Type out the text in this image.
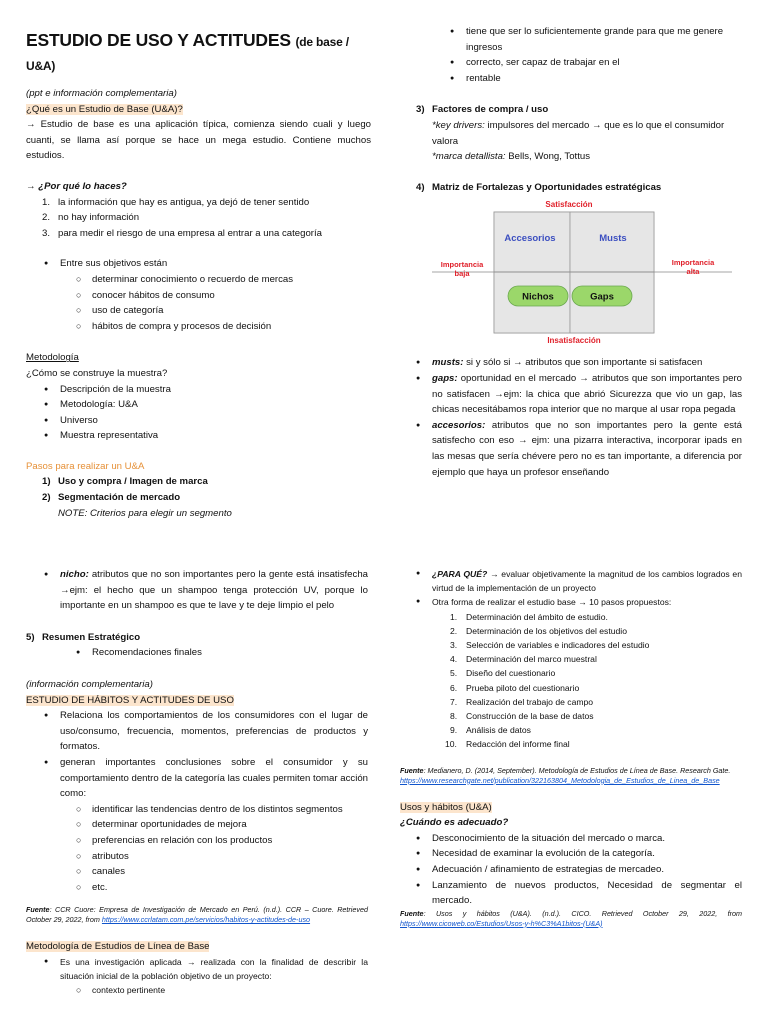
ESTUDIO DE USO Y ACTITUDES (de base / U&A)
(ppt e información complementaria)
¿Qué es un Estudio de Base (U&A)?
→ Estudio de base es una aplicación típica, comienza siendo cuali y luego cuanti, se llama así porque se hace un mega estudio. Contiene muchos estudios.
→ ¿Por qué lo haces?
1. la información que hay es antigua, ya dejó de tener sentido
2. no hay información
3. para medir el riesgo de una empresa al entrar a una categoría
● Entre sus objetivos están
○ determinar conocimiento o recuerdo de mercas
○ conocer hábitos de consumo
○ uso de categoría
○ hábitos de compra y procesos de decisión
Metodología
¿Cómo se construye la muestra?
● Descripción de la muestra
● Metodología: U&A
● Universo
● Muestra representativa
Pasos para realizar un U&A
1) Uso y compra / Imagen de marca
2) Segmentación de mercado
NOTE: Criterios para elegir un segmento
● tiene que ser lo suficientemente grande para que me genere ingresos
● correcto, ser capaz de trabajar en el
● rentable
3) Factores de compra / uso
*key drivers: impulsores del mercado → que es lo que el consumidor valora
*marca detallista: Bells, Wong, Tottus
4) Matriz de Fortalezas y Oportunidades estratégicas
Satisfacción
Accesorios	Musts
Nichos	Gaps
Importancia
baja
Importancia
alta
Insatisfacción
● musts: si y sólo si → atributos que son importante si satisfacen
● gaps: oportunidad en el mercado → atributos que son importantes pero no satisfacen →ejm: la chica que abrió Sicurezza que vio un gap, las chicas necesitábamos ropa interior que no marque al usar ropa pegada
● accesorios: atributos que no son importantes pero la gente está satisfecho con eso → ejm: una pizarra interactiva, incorporar ipads en las mesas que sería chévere pero no es tan importante, a diferencia por ejemplo que haya un profesor enseñando
● nicho: atributos que no son importantes pero la gente está insatisfecha →ejm: el hecho que un shampoo tenga protección UV, porque lo importante en un shampoo es que te lave y te deje limpio el pelo
5) Resumen Estratégico
● Recomendaciones finales
(información complementaria)
ESTUDIO DE HÁBITOS Y ACTITUDES DE USO
● Relaciona los comportamientos de los consumidores con el lugar de uso/consumo, frecuencia, momentos, preferencias de productos y formatos.
● generan importantes conclusiones sobre el consumidor y su comportamiento dentro de la categoría las cuales permiten tomar acción como:
○ identificar las tendencias dentro de los distintos segmentos
○ determinar oportunidades de mejora
○ preferencias en relación con los productos
○ atributos
○ canales
○ etc.
Fuente: CCR Cuore: Empresa de Investigación de Mercado en Perú. (n.d.). CCR – Cuore. Retrieved October 29, 2022, from https://www.ccrlatam.com.pe/servicios/habitos-y-actitudes-de-uso
Metodología de Estudios de Línea de Base
● Es una investigación aplicada → realizada con la finalidad de describir la situación inicial de la población objetivo de un proyecto:
○ contexto pertinente
● ¿PARA QUÉ? → evaluar objetivamente la magnitud de los cambios logrados en virtud de la implementación de un proyecto
● Otra forma de realizar el estudio base → 10 pasos propuestos:
1. Determinación del ámbito de estudio.
2. Determinación de los objetivos del estudio
3. Selección de variables e indicadores del estudio
4. Determinación del marco muestral
5. Diseño del cuestionario
6. Prueba piloto del cuestionario
7. Realización del trabajo de campo
8. Construcción de la base de datos
9. Análisis de datos
10. Redacción del informe final
Fuente: Medianero, D. (2014, September). Metodología de Estudios de Línea de Base. Research Gate. https://www.researchgate.net/publication/322163804_Metodologia_de_Estudios_de_Linea_de_Base
Usos y hábitos (U&A)
¿Cuándo es adecuado?
● Desconocimiento de la situación del mercado o marca.
● Necesidad de examinar la evolución de la categoría.
● Adecuación / afinamiento de estrategias de mercadeo.
● Lanzamiento de nuevos productos, Necesidad de segmentar el mercado.
Fuente: Usos y hábitos (U&A). (n.d.). CICO. Retrieved October 29, 2022, from https://www.cicoweb.co/Estudios/Usos-y-h%C3%A1bitos-(U&A)
